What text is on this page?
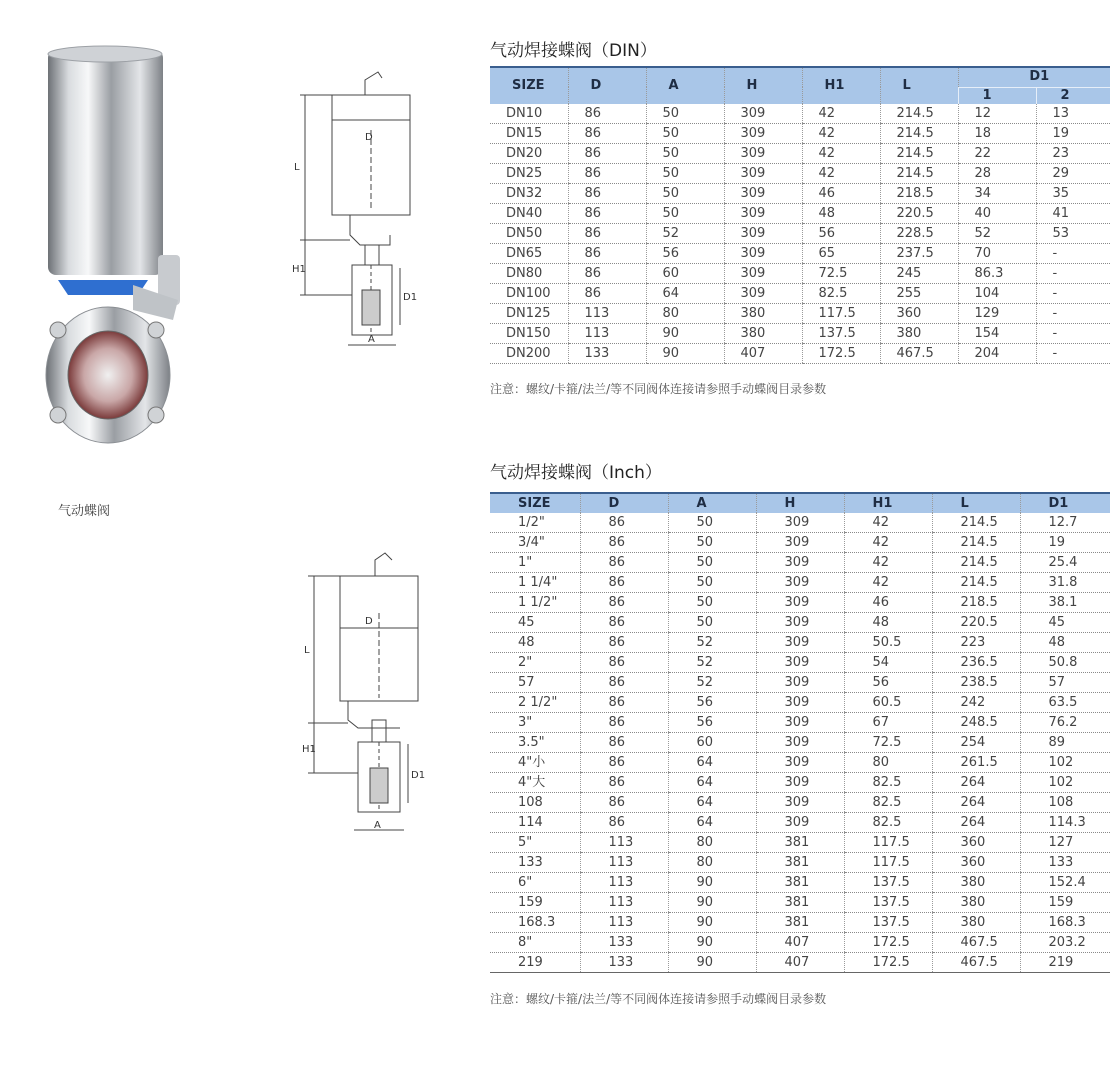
气动蝶阀
L
D
H1
D1
A
L
D
H1
D1
A
气动焊接蝶阀（DIN）
SIZE	D	A	H	H1	L	D1	
						1	2
DN10	86	50	309	42	214.5	12	13
DN15	86	50	309	42	214.5	18	19
DN20	86	50	309	42	214.5	22	23
DN25	86	50	309	42	214.5	28	29
DN32	86	50	309	46	218.5	34	35
DN40	86	50	309	48	220.5	40	41
DN50	86	52	309	56	228.5	52	53
DN65	86	56	309	65	237.5	70	-
DN80	86	60	309	72.5	245	86.3	-
DN100	86	64	309	82.5	255	104	-
DN125	113	80	380	117.5	360	129	-
DN150	113	90	380	137.5	380	154	-
DN200	133	90	407	172.5	467.5	204	-
注意：螺纹/卡箍/法兰/等不同阀体连接请参照手动蝶阀目录参数
气动焊接蝶阀（Inch）
SIZE	D	A	H	H1	L	D1
1/2"	86	50	309	42	214.5	12.7
3/4"	86	50	309	42	214.5	19
1"	86	50	309	42	214.5	25.4
1 1/4"	86	50	309	42	214.5	31.8
1 1/2"	86	50	309	46	218.5	38.1
45	86	50	309	48	220.5	45
48	86	52	309	50.5	223	48
2"	86	52	309	54	236.5	50.8
57	86	52	309	56	238.5	57
2 1/2"	86	56	309	60.5	242	63.5
3"	86	56	309	67	248.5	76.2
3.5"	86	60	309	72.5	254	89
4"小	86	64	309	80	261.5	102
4"大	86	64	309	82.5	264	102
108	86	64	309	82.5	264	108
114	86	64	309	82.5	264	114.3
5"	113	80	381	117.5	360	127
133	113	80	381	117.5	360	133
6"	113	90	381	137.5	380	152.4
159	113	90	381	137.5	380	159
168.3	113	90	381	137.5	380	168.3
8"	133	90	407	172.5	467.5	203.2
219	133	90	407	172.5	467.5	219
注意：螺纹/卡箍/法兰/等不同阀体连接请参照手动蝶阀目录参数
